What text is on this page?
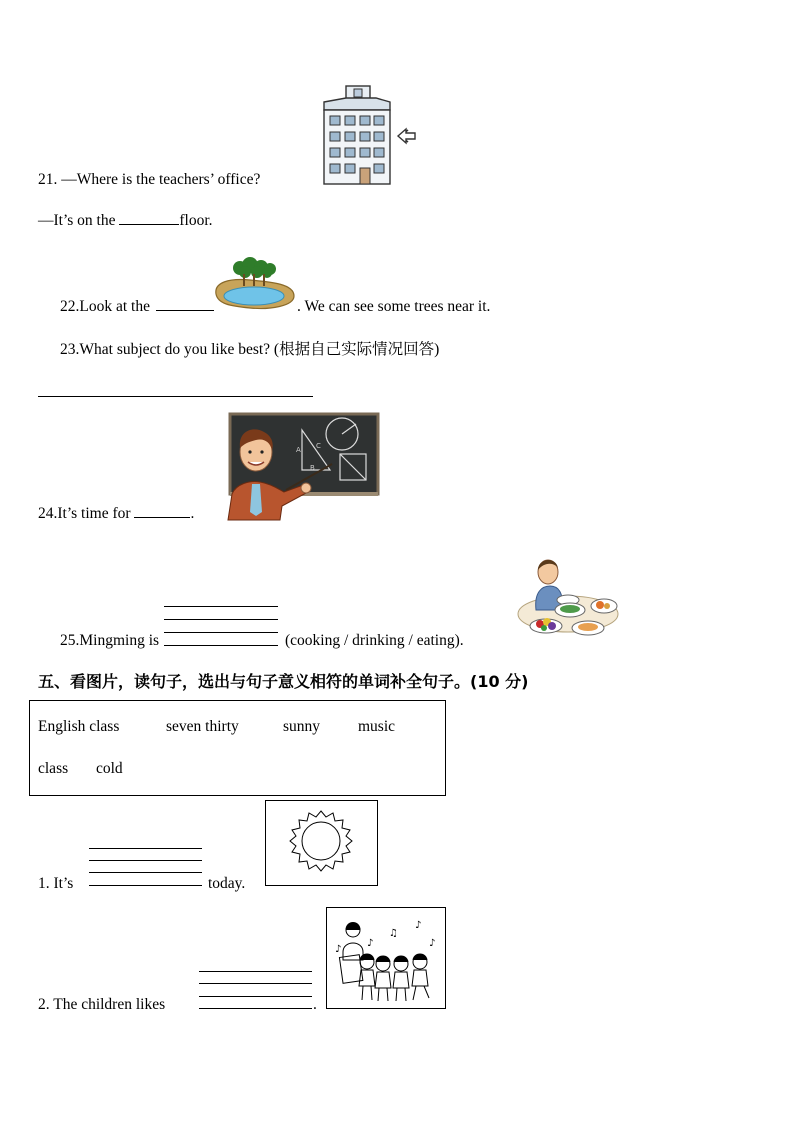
21. —Where is the teachers’ office?
—It’s on the	floor.
22.Look at the	. We can see some trees near it.
23.What subject do you like best? (根据自己实际情况回答)
A C
B
24.It’s time for	.
25.Mingming is	(cooking / drinking / eating).
五、看图片，读句子，选出与句子意义相符的单词补全句子。(10 分)
English class	seven thirty	sunny music
class cold
1. It’s	today.
♪
♫
♪
♪
♪
2. The children likes	.
